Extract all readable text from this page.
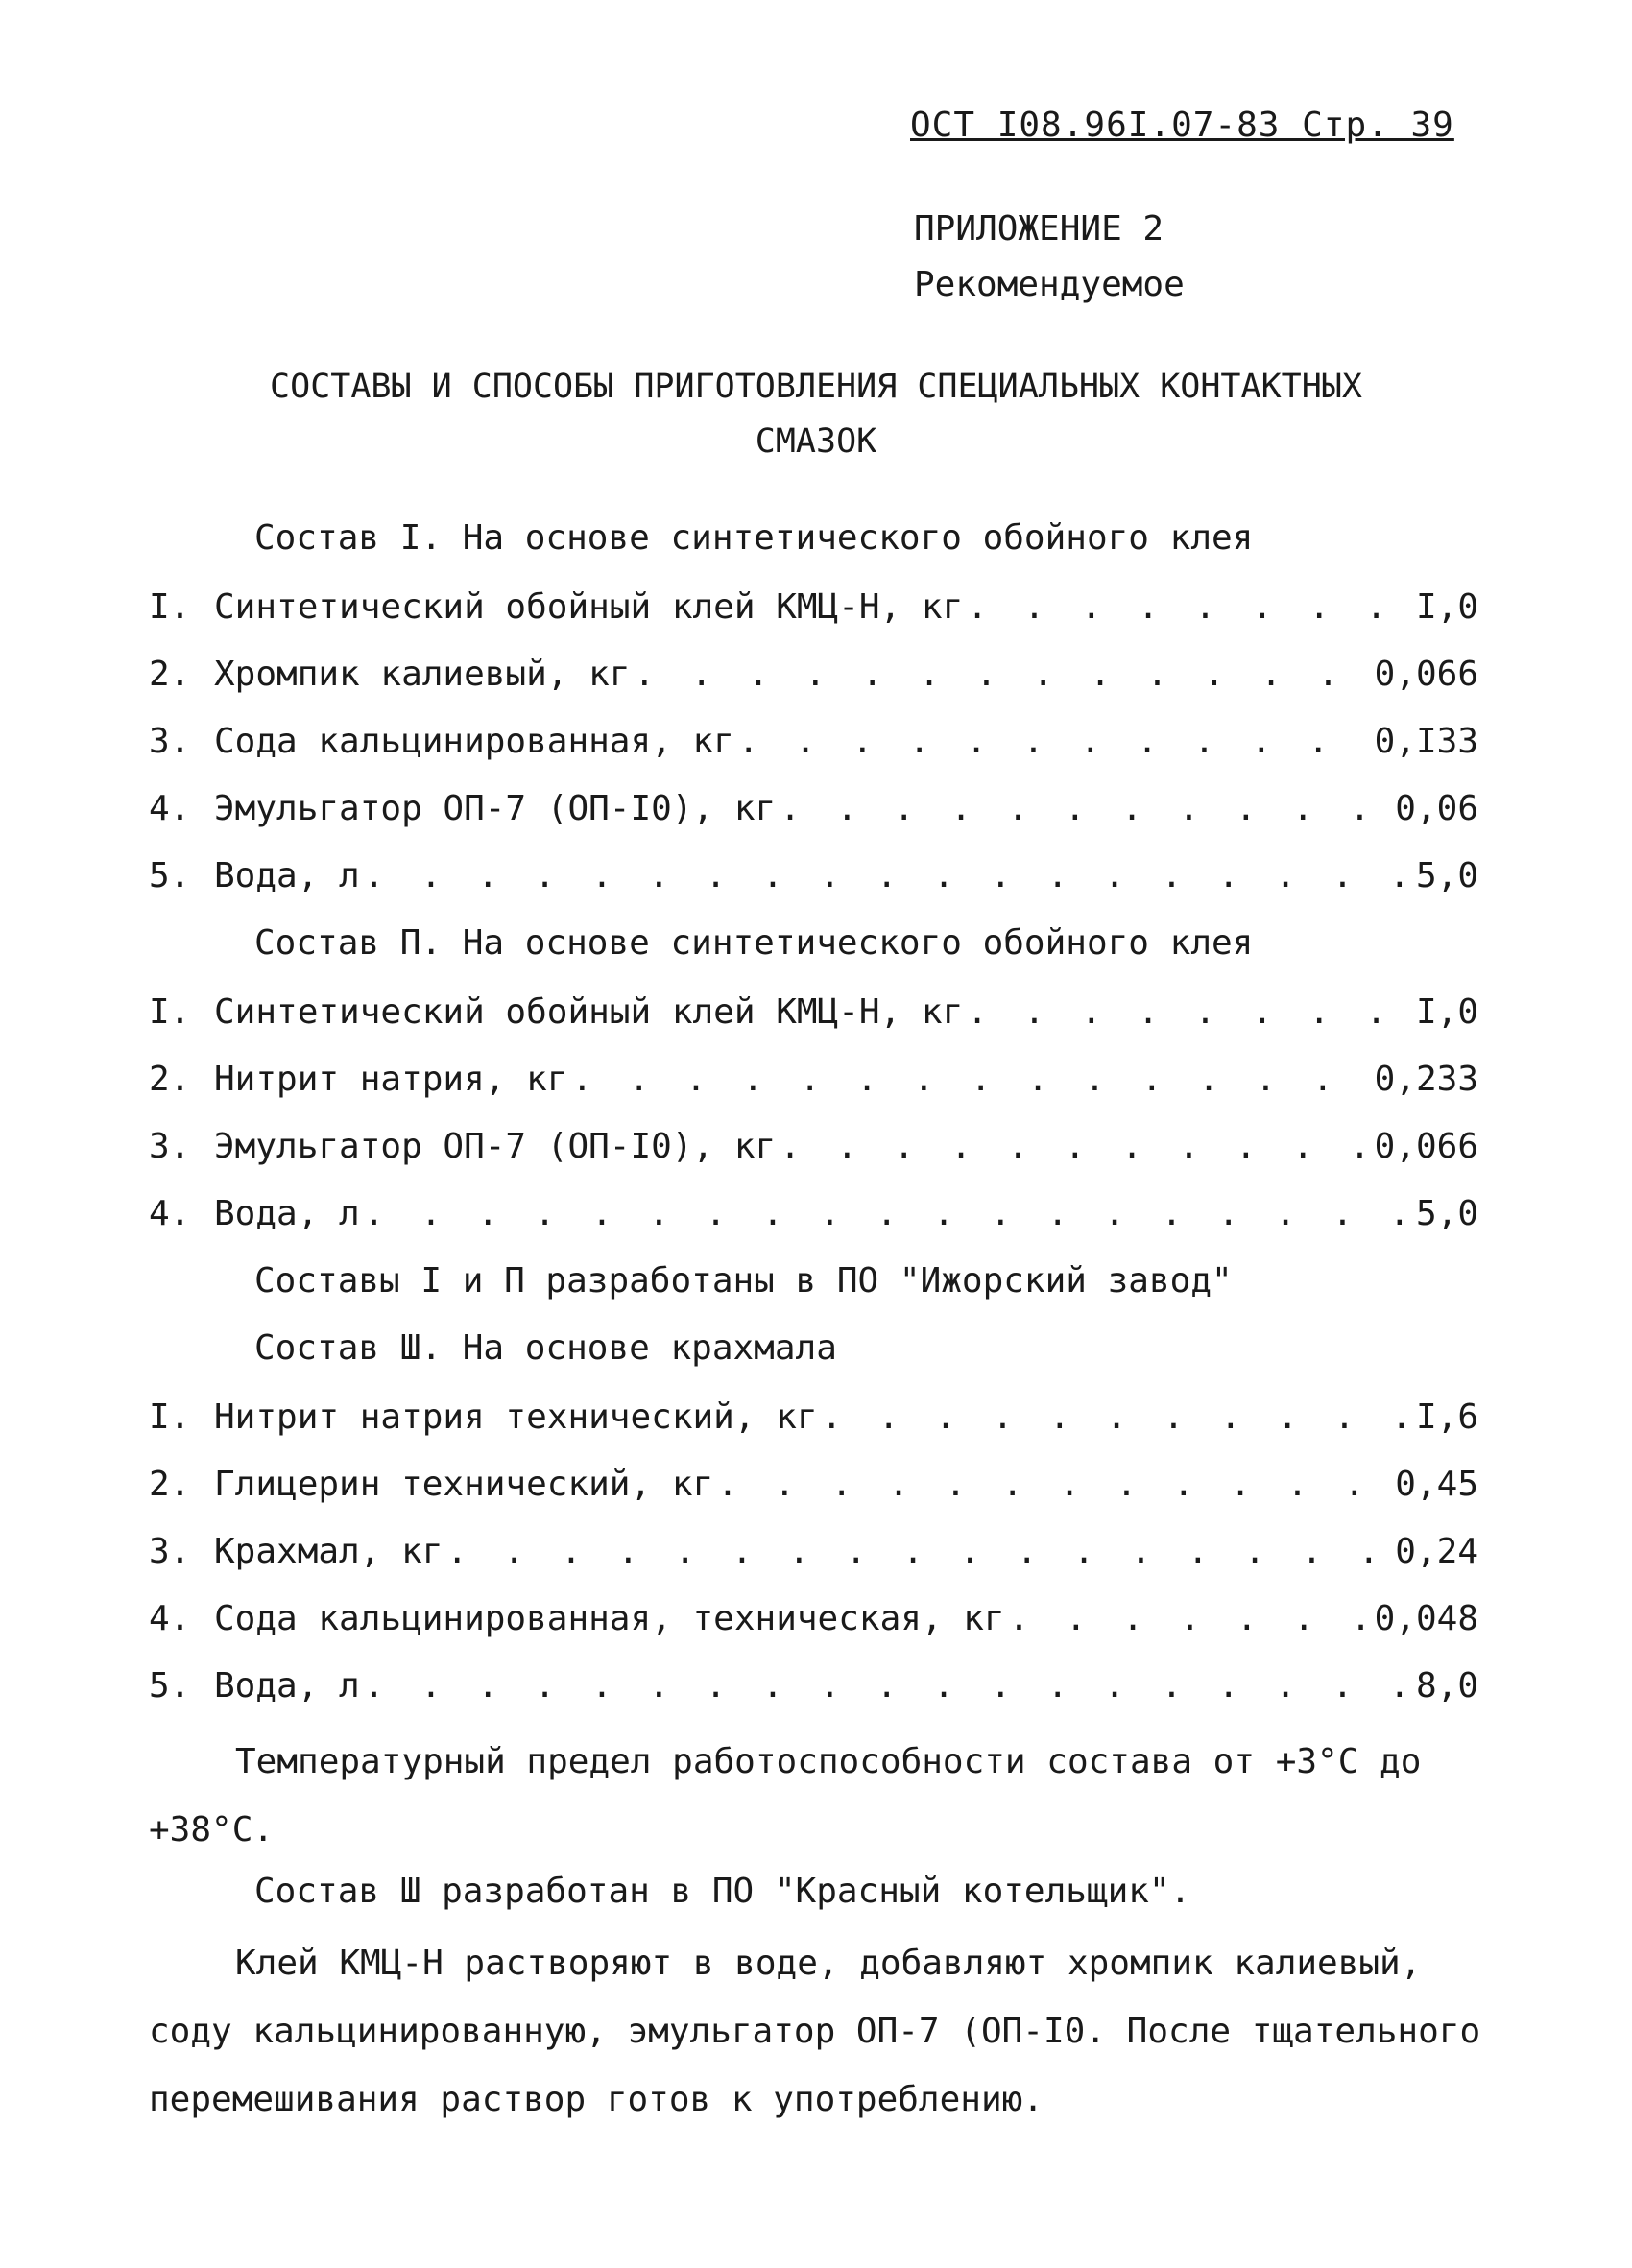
ОСТ I08.96I.07-83 Стр. 39
ПРИЛОЖЕНИЕ 2
Рекомендуемое
СОСТАВЫ И СПОСОБЫ ПРИГОТОВЛЕНИЯ СПЕЦИАЛЬНЫХ КОНТАКТНЫХ
СМАЗОК
Состав I. На основе синтетического обойного клея
I. Синтетический обойный клей КМЦ-Н, кг . . .	I,0
2. Хромпик калиевый, кг . . .	0,066
3. Сода кальцинированная, кг . . .	0,I33
4. Эмульгатор ОП-7 (ОП-I0), кг . . .	0,06
5. Вода, л . . .	5,0
Состав П. На основе синтетического обойного клея
I. Синтетический обойный клей КМЦ-Н, кг . . .	I,0
2. Нитрит натрия, кг . . .	0,233
3. Эмульгатор ОП-7 (ОП-I0), кг . . .	0,066
4. Вода, л . . .	5,0
Составы I и П разработаны в ПО "Ижорский завод"
Состав Ш. На основе крахмала
I. Нитрит натрия технический, кг . . .	I,6
2. Глицерин технический, кг . . .	0,45
3. Крахмал, кг . . .	0,24
4. Сода кальцинированная, техническая, кг . . .	0,048
5. Вода, л . . .	8,0
Температурный предел работоспособности состава от +3°С до +38°С.
Состав Ш разработан в ПО "Красный котельщик".
Клей КМЦ-Н растворяют в воде, добавляют хромпик калиевый, соду кальцинированную, эмульгатор ОП-7 (ОП-I0. После тщательного перемешивания раствор готов к употреблению.
